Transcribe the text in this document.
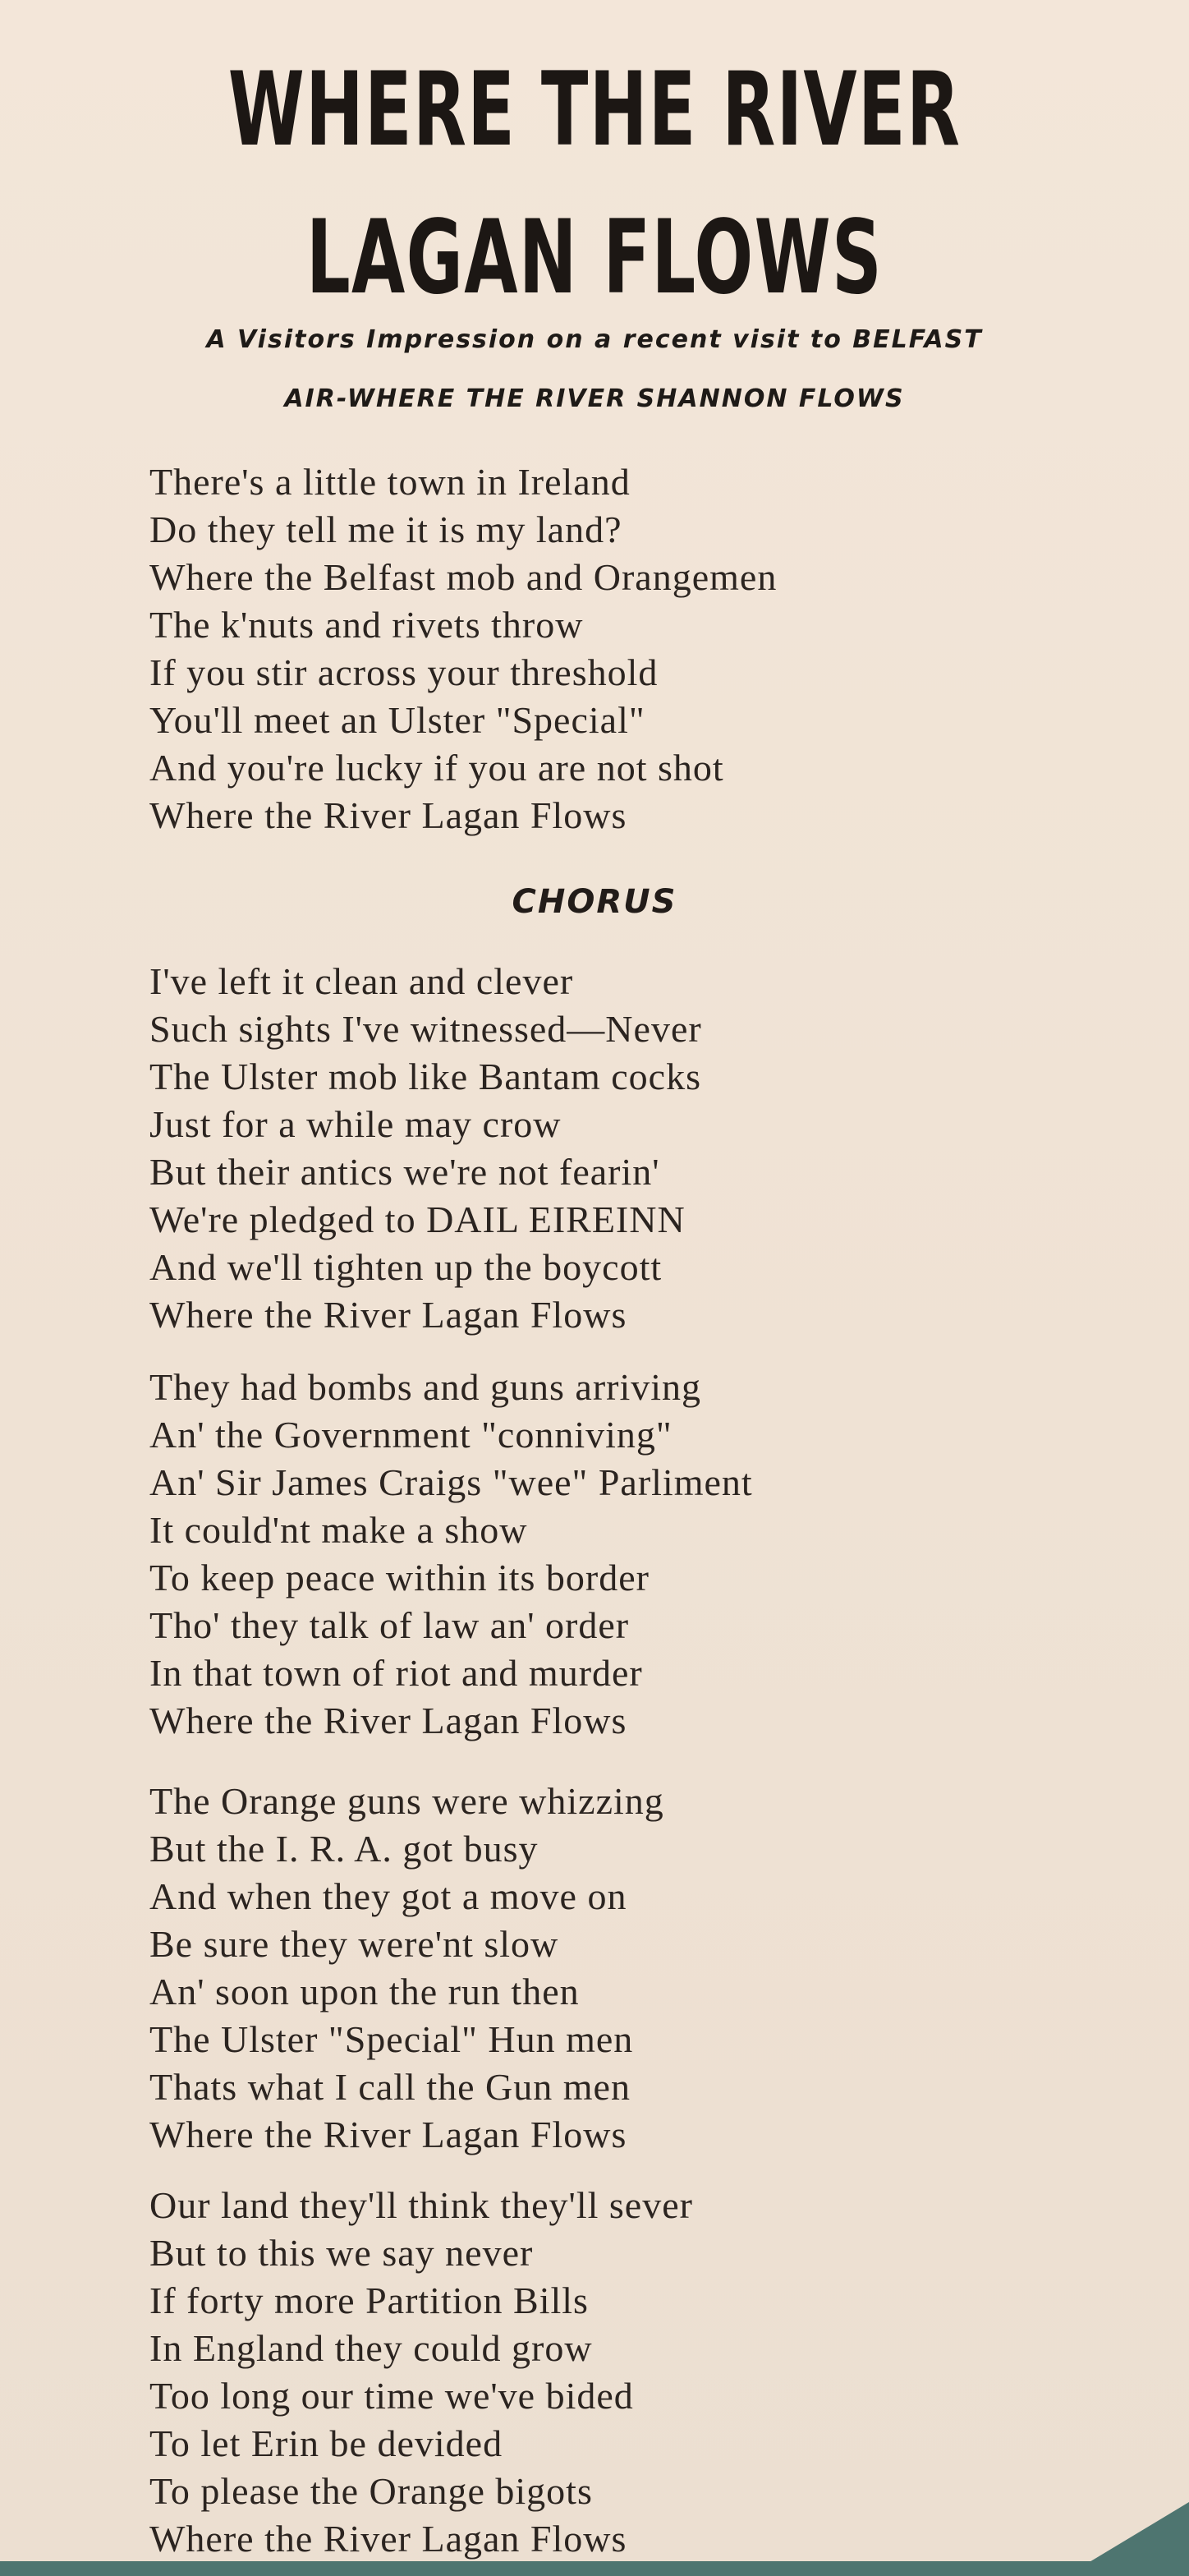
WHERE THE RIVER
LAGAN FLOWS

A Visitors Impression on a recent visit to BELFAST

AIR-WHERE THE RIVER SHANNON FLOWS

There's a little town in Ireland
Do they tell me it is my land?
Where the Belfast mob and Orangemen
The k'nuts and rivets throw
If you stir across your threshold
You'll meet an Ulster "Special"
And you're lucky if you are not shot
Where the River Lagan Flows

CHORUS

I've left it clean and clever
Such sights I've witnessed—Never
The Ulster mob like Bantam cocks
Just for a while may crow
But their antics we're not fearin'
We're pledged to DAIL EIREINN
And we'll tighten up the boycott
Where the River Lagan Flows
They had bombs and guns arriving
An' the Government "conniving"
An' Sir James Craigs "wee" Parliment
It could'nt make a show
To keep peace within its border
Tho' they talk of law an' order
In that town of riot and murder
Where the River Lagan Flows
The Orange guns were whizzing
But the I. R. A. got busy
And when they got a move on
Be sure they were'nt slow
An' soon upon the run then
The Ulster "Special" Hun men
Thats what I call the Gun men
Where the River Lagan Flows
Our land they'll think they'll sever
But to this we say never
If forty more Partition Bills
In England they could grow
Too long our time we've bided
To let Erin be devided
To please the Orange bigots
Where the River Lagan Flows
